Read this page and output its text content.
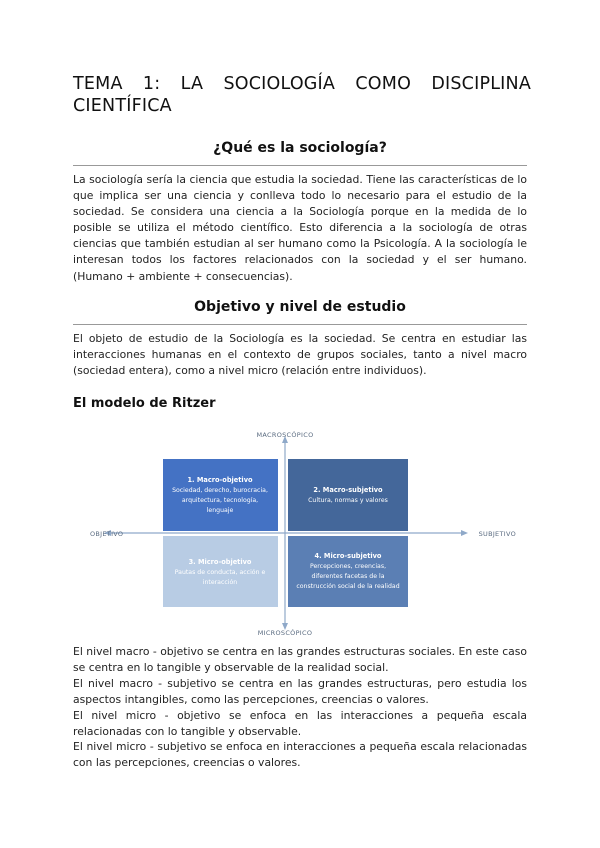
TEMA 1: LA SOCIOLOGÍA COMO DISCIPLINA
CIENTÍFICA
¿Qué es la sociología?

La sociología sería la ciencia que estudia la sociedad. Tiene las características de lo que implica ser una ciencia y conlleva todo lo necesario para el estudio de la sociedad. Se considera una ciencia a la Sociología porque en la medida de lo posible se utiliza el método científico. Esto diferencia a la sociología de otras ciencias que también estudian al ser humano como la Psicología. A la sociología le interesan todos los factores relacionados con la sociedad y el ser humano. (Humano + ambiente + consecuencias).

Objetivo y nivel de estudio

El objeto de estudio de la Sociología es la sociedad. Se centra en estudiar las interacciones humanas en el contexto de grupos sociales, tanto a nivel macro (sociedad entera), como a nivel micro (relación entre individuos).

El modelo de Ritzer
MACROSCÓPICO
MICROSCÓPICO
OBJETIVO	SUBJETIVO
1. Macro-objetivo
Sociedad, derecho, burocracia,
arquitectura, tecnología,
lenguaje
2. Macro-subjetivo
Cultura, normas y valores
3. Micro-objetivo
Pautas de conducta, acción e
interacción
4. Micro-subjetivo
Percepciones, creencias,
diferentes facetas de la
construcción social de la realidad

El nivel macro - objetivo se centra en las grandes estructuras sociales. En este caso se centra en lo tangible y observable de la realidad social.

El nivel macro - subjetivo se centra en las grandes estructuras, pero estudia los aspectos intangibles, como las percepciones, creencias o valores.

El nivel micro - objetivo se enfoca en las interacciones a pequeña escala relacionadas con lo tangible y observable.

El nivel micro - subjetivo se enfoca en interacciones a pequeña escala relacionadas con las percepciones, creencias o valores.
